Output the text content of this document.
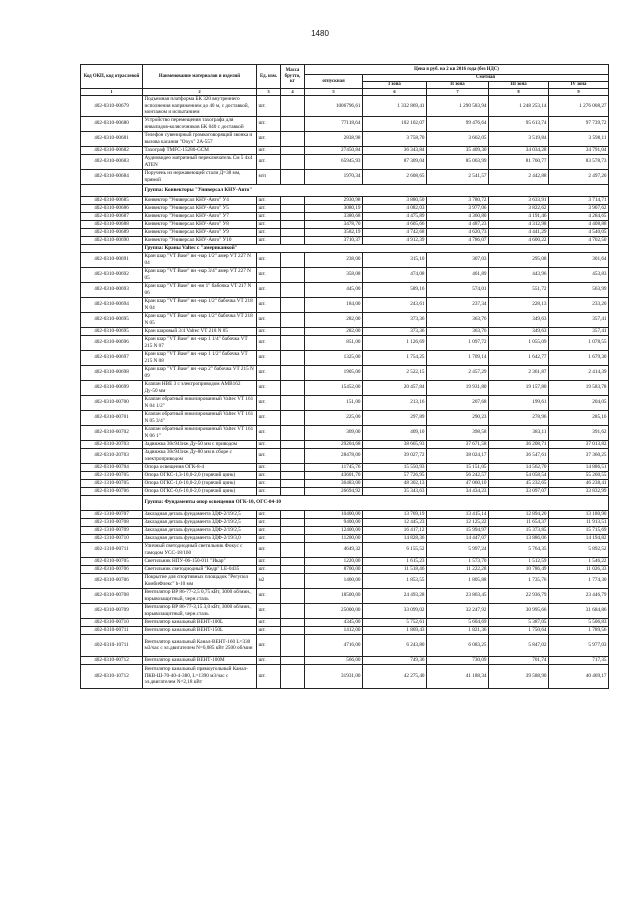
1480
Код ОКП, код отраслевой	Наименование материалов и изделий	Ед. изм.	Масса брутто, кг	Цена в руб. на 2 кв 2016 года (без НДС)				
				отпускная	Сметная			
					I зона	II зона	III зона	IV зона
1	2	3	4	5	6	7	8	9
402-0310-00679	Подъемная платформа БК 320 внутреннего исполнения напряжением до 40 м, с доставкой, монтажом и испытанием	шт.		1006796,61	1 332 869,41	1 290 583,94	1 248 253,14	1 276 008,27
402-0310-00680	Устройство перемещения тахографа для инвалидов-колясочников БК 040 с доставкой	шт.		77118,64	102 102,07	99 476,64	95 613,74	97 739,72
402-0310-00681	Телефон сувенирный громкоговорящий звонка и вызова касания "Onyx" 2А-557	шт.		2838,98	3 758,70	3 662,05	3 519,84	3 598,11
402-0310-00682	Тахограф TMFC-15280-GCM	шт.		27450,84	36 343,84	35 409,30	34 034,28	34 791,04
402-0310-00683	Аудиовидео матричный переключатель См 5 4х4 ATEN	шт.		65945,93	87 309,04	85 063,99	81 760,77	83 578,73
402-0310-00684	Поручень из нержавеющей стали Д=38 мм, прямой	м/п		1970,34	2 608,65	2 541,57	2 442,88	2 497,20
	Группа: Конвекторы "Универсал КНУ-Авто"							
402-0310-00685	Конвектор "Универсал КНУ-Авто" У4	шт.		2930,98	3 880,50	3 780,72	3 633,91	3 714,71
402-0310-00686	Конвектор "Универсал КНУ-Авто" У5	шт.		3080,19	4 082,03	3 977,06	3 822,62	3 907,62
402-0310-00687	Конвектор "Универсал КНУ-Авто" У7	шт.		3380,68	4 475,89	4 360,80	4 191,46	4 284,65
402-0310-00688	Конвектор "Универсал КНУ-Авто" У8	шт.		3478,70	4 605,66	4 487,23	4 312,98	4 408,88
402-0310-00689	Конвектор "Универсал КНУ-Авто" У9	шт.		3582,19	4 742,68	4 620,73	4 441,29	4 540,05
402-0310-00690	Конвектор "Универсал КНУ-Авто" У10	шт.		3710,37	4 912,39	4 786,07	4 600,22	4 702,50
	Группа: Краны Valtec с "американкой"							
402-0310-00691	Кран шар "VT Base" вн -нар 1/2" амер VT 227 N 04	шт.		238,00	315,10	307,03	295,08	301,64
402-0310-00692	Кран шар "VT Base" вн -нар 3/4" амер VT 227 N 05	шт.		358,08	474,08	461,89	443,96	453,83
402-0310-00693	Кран шар "VT Base" вн -вн 1" бабочка VT 217 N 06	шт.		445,00	589,16	574,01	551,72	563,99
402-0310-00694	Кран шар "VT Base" вн -нар 1/2" бабочка VT 218 N 04	шт.		184,00	243,61	237,34	228,13	233,20
402-0310-00695	Кран шар "VT Base" вн -нар 1/2" бабочка VT 218 N 05	шт.		282,00	373,36	363,76	349,63	357,41
402-0310-00695	Кран шаровый 3/4 Valtec VT 218 N 05	шт.		282,00	373,36	363,76	349,63	357,41
402-0310-00696	Кран шар "VT Base" вн -нар 1 1/4" бабочка VT 215 N 07	шт.		851,00	1 126,69	1 097,72	1 055,09	1 078,55
402-0310-00697	Кран шар "VT Base" вн -нар 1 1/2" бабочка VT 215 N 08	шт.		1325,00	1 754,25	1 709,14	1 642,77	1 679,30
402-0310-00698	Кран шар "VT Base" вн -нар 2" бабочка VT 215 N 09	шт.		1905,00	2 522,15	2 457,29	2 361,87	2 414,39
402-0310-00699	Клапан НВЕ 3 с электроприводом AMB162 Ду-50 мм	шт.		15452,00	20 457,84	19 931,80	19 157,80	19 583,78
402-0310-00700	Клапан обратный никелированный Valtec VT 161 N 04 1/2"	шт.		151,00	213,16	207,68	199,61	204,05
402-0310-00701	Клапан обратный никелированный Valtec VT 161 N 05 3/4"	шт.		225,00	297,89	290,23	278,96	285,16
402-0310-00702	Клапан обратный никелированный Valtec VT 161 N 06 1"	шт.		309,00	409,10	398,58	383,11	391,62
402-0310-20703	Задвижка 30с941нж Ду-50 мм с приводом	шт.		29204,68	38 665,93	37 671,58	36 208,71	37 013,82
402-0310-20703	Задвижка 30с941нж Ду-80 мм в сборе с электроприводом	шт.		28478,00	39 027,72	38 024,17	36 547,61	37 360,25
402-0310-00704	Опора освещения ОГК-8-4	шт.		11745,76	15 550,93	15 151,05	14 562,70	14 886,51
402-1310-00705	Опора ОГКС-1,3-10,0-2,0 (горячий цинк)	шт.		43601,70	57 726,95	56 242,57	54 058,54	55 260,55
402-1310-00705	Опора ОГКС-1,0-10,0-2,0 (горячий цинк)	шт.		36483,00	48 302,13	47 060,10	45 232,65	46 238,41
402-0310-00706	Опора ОГКС-0,6-10,0-2,0 (горячий цинк)	шт.		26694,92	35 343,63	34 434,23	33 097,07	33 832,99
	Группа: Фундаменты опор освещения ОГК-10, ОГС-04-10							
402-1310-00707	Закладная деталь фундамента ЗДФ-2/19/2,5	шт.		10400,00	13 769,19	13 415,14	12 894,20	13 180,90
402-1310-00708	Закладная деталь фундамента ЗДФ-2/19/2,5	шт.		9400,00	12 445,23	12 125,22	11 654,37	11 913,51
402-1310-00709	Закладная деталь фундамента ЗДФ-2/19/2,5	шт.		12400,00	16 417,12	15 994,97	15 373,85	15 715,69
402-1310-00710	Закладная деталь фундамента ЗДФ-2/19/3,0	шт.		11200,00	14 828,36	14 447,07	13 886,06	14 194,82
402-1310-00711	Уличный светодиодный светильник Фокус с гамодом УСС-18/160	шт.		4649,32	6 155,52	5 997,24	5 764,35	5 892,52
402-0310-00705	Светильник НПУ-06-150-011 "Икар"	шт.		1220,00	1 615,23	1 573,70	1 512,59	1 546,22
402-0310-00706	Светильник светодиодный "Кедр" LE-0435	шт.		8700,00	11 518,46	11 222,28	10 786,49	11 026,33
402-0310-00706	Покрытие для спортивных площадок "Регупол КомбиФлекс" h-10 мм	м2		1400,00	1 853,55	1 805,88	1 735,76	1 774,30
402-0310-00708	Вентилятор ВР 86-77-2,5 0,75 кВт, 3000 об/мин., взрывозащитный, черн.сталь	шт.		18500,00	24 493,28	23 863,45	22 936,79	23 446,79
402-0310-00709	Вентилятор ВР 86-77-3,15 3,0 кВт, 3000 об/мин., взрывозащитный, черн.сталь	шт.		25000,00	33 099,02	32 247,92	30 995,66	31 684,86
402-0310-00710	Вентилятор канальный ВЕНТ-100L	шт.		4345,00	5 752,61	5 604,69	5 387,05	5 506,83
402-0310-00711	Вентилятор канальный ВЕНТ-150L	шт.		1412,00	1 869,43	1 821,36	1 750,64	1 789,56
402-0310-10711	Вентилятор канальный Канал-ВЕНТ-160 L=330 м3/час с эл.двигателем N=0,085 кВт 2500 об/мин	шт.		4716,00	6 243,80	6 083,25	5 847,02	5 977,03
402-0310-00712	Вентилятор канальный ВЕНТ-100М	шт.		566,00	749,36	730,09	701,74	717,35
402-0310-10712	Вентилятор канальный прямоугольный Канал-ПКВ-Ш-70-40-4-380, L=1390 м3/час с эл.двигателем N=2,18 кВт	шт.		31931,00	42 275,40	41 188,34	39 588,90	40 469,17
